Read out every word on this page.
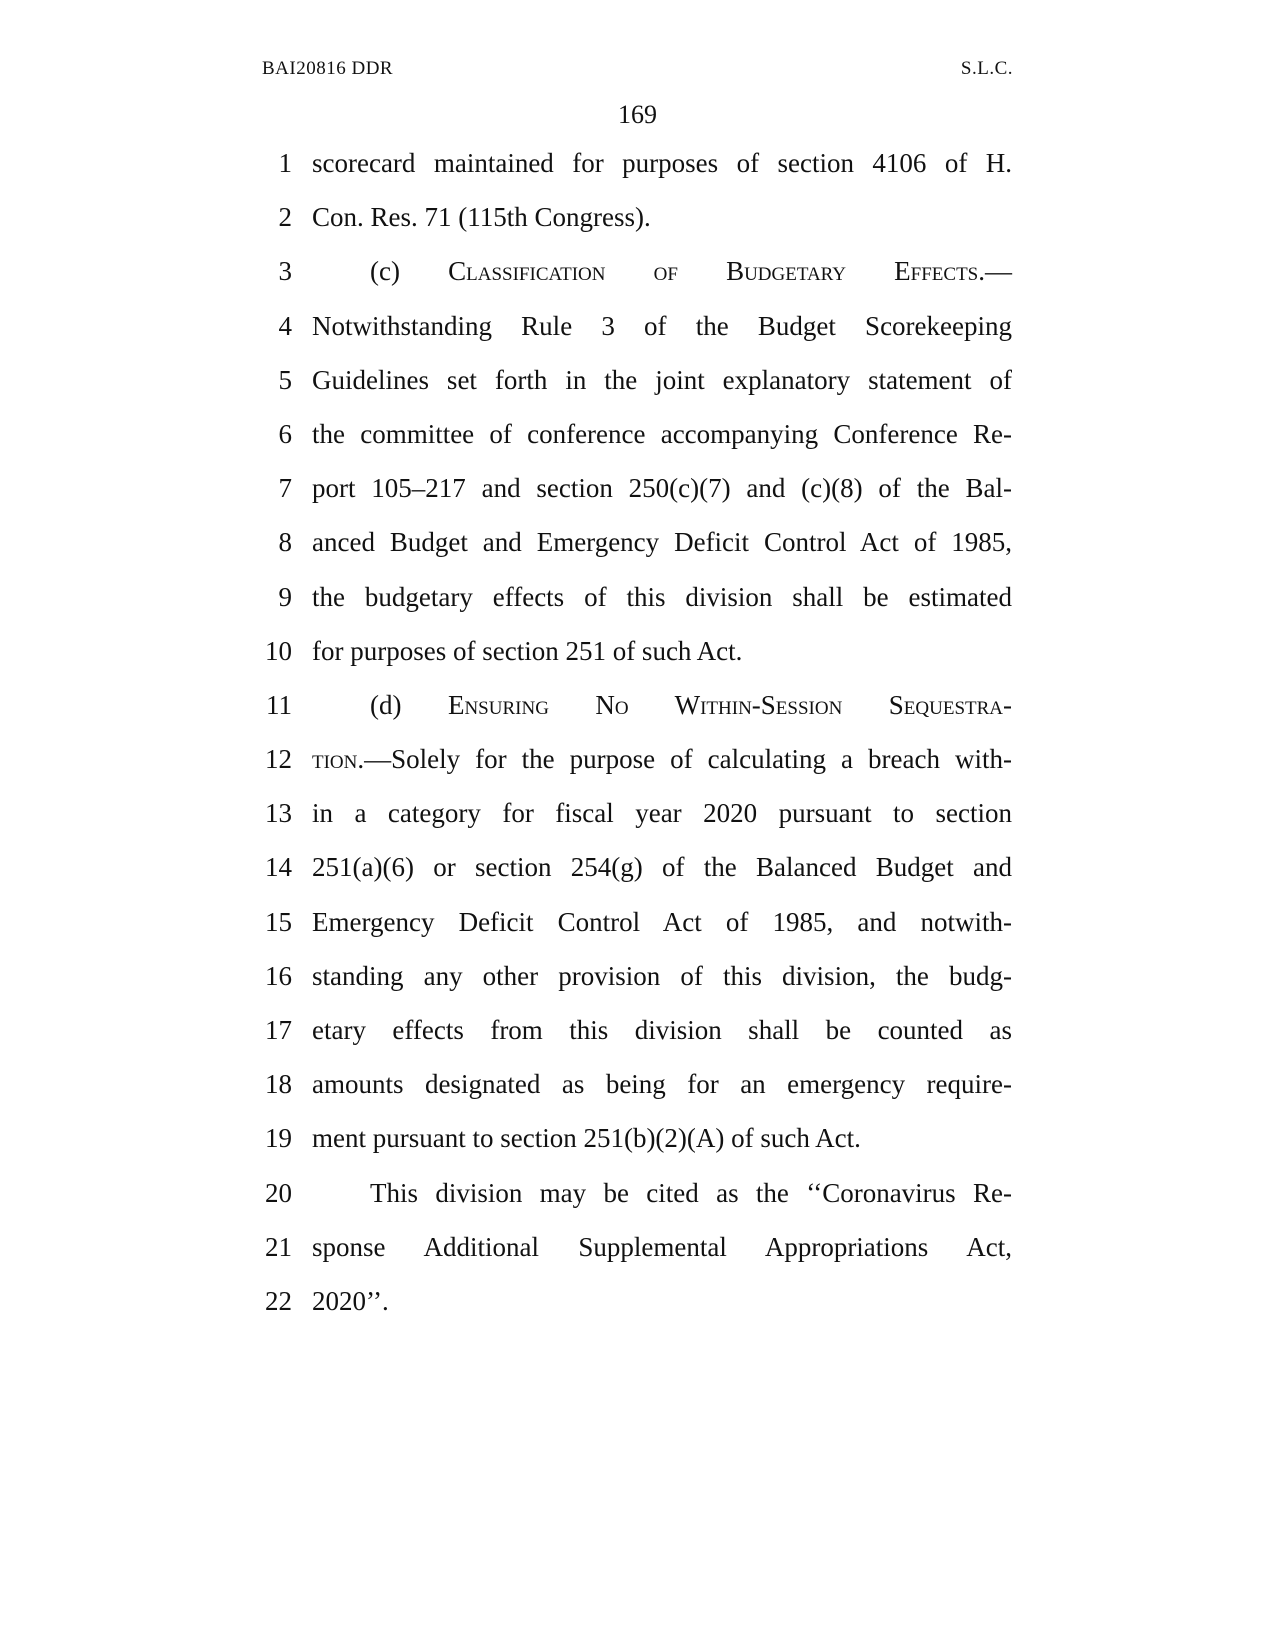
BAI20816 DDR	S.L.C.
169
1 scorecard maintained for purposes of section 4106 of H.
2 Con. Res. 71 (115th Congress).
3	(c) Classification of Budgetary Effects.—
4 Notwithstanding Rule 3 of the Budget Scorekeeping
5 Guidelines set forth in the joint explanatory statement of
6 the committee of conference accompanying Conference Re-
7 port 105–217 and section 250(c)(7) and (c)(8) of the Bal-
8 anced Budget and Emergency Deficit Control Act of 1985,
9 the budgetary effects of this division shall be estimated
10 for purposes of section 251 of such Act.
11	(d) Ensuring No Within-Session Sequestra-
12 tion.—Solely for the purpose of calculating a breach with-
13 in a category for fiscal year 2020 pursuant to section
14 251(a)(6) or section 254(g) of the Balanced Budget and
15 Emergency Deficit Control Act of 1985, and notwith-
16 standing any other provision of this division, the budg-
17 etary effects from this division shall be counted as
18 amounts designated as being for an emergency require-
19 ment pursuant to section 251(b)(2)(A) of such Act.
20	This division may be cited as the ‘‘Coronavirus Re-
21 sponse Additional Supplemental Appropriations Act,
22 2020’’.
